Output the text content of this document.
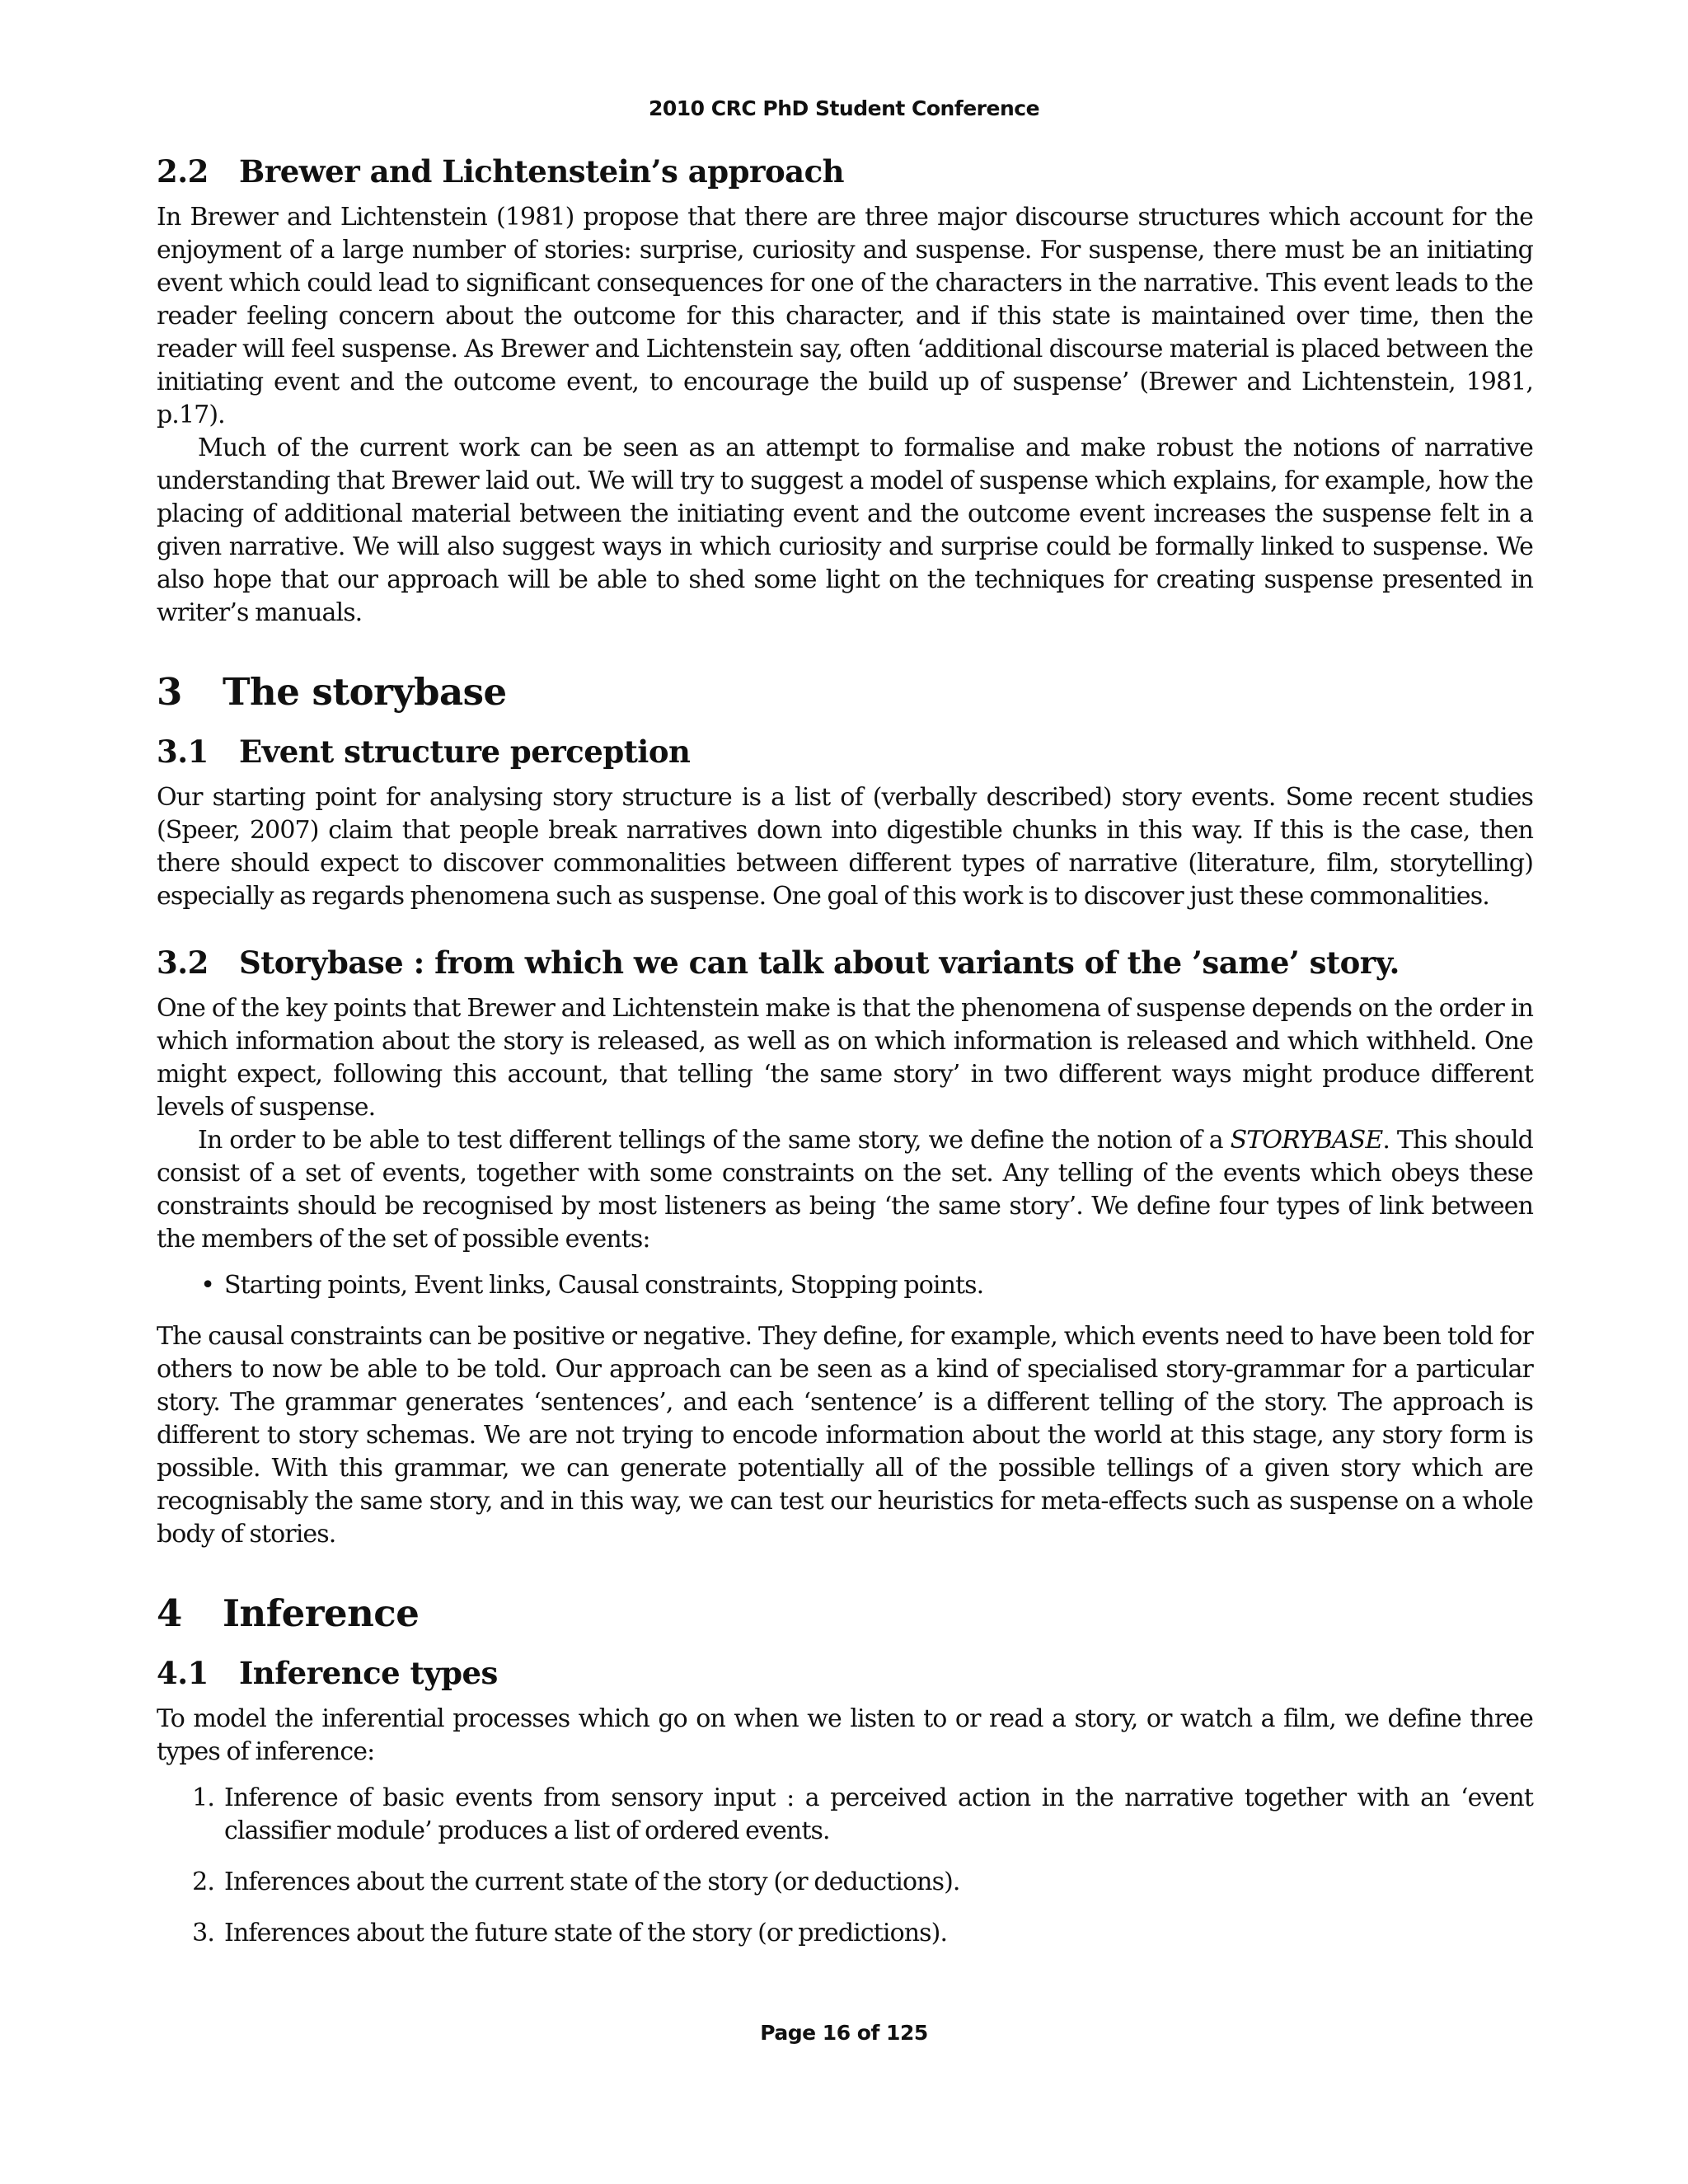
2010 CRC PhD Student Conference
2.2	Brewer and Lichtenstein’s approach

In Brewer and Lichtenstein (1981) propose that there are three major discourse structures which account for the enjoyment of a large number of stories: surprise, curiosity and suspense. For suspense, there must be an initiating event which could lead to significant consequences for one of the characters in the narrative. This event leads to the reader feeling concern about the outcome for this character, and if this state is maintained over time, then the reader will feel suspense. As Brewer and Lichtenstein say, often ‘additional discourse material is placed between the initiating event and the outcome event, to encourage the build up of suspense’ (Brewer and Lichtenstein, 1981, p.17).

Much of the current work can be seen as an attempt to formalise and make robust the notions of narrative understanding that Brewer laid out. We will try to suggest a model of suspense which explains, for example, how the placing of additional material between the initiating event and the outcome event increases the suspense felt in a given narrative. We will also suggest ways in which curiosity and surprise could be formally linked to suspense. We also hope that our approach will be able to shed some light on the techniques for creating suspense presented in writer’s manuals.

3	The storybase
3.1	Event structure perception

Our starting point for analysing story structure is a list of (verbally described) story events. Some recent studies (Speer, 2007) claim that people break narratives down into digestible chunks in this way. If this is the case, then there should expect to discover commonalities between different types of narrative (literature, film, storytelling) especially as regards phenomena such as suspense. One goal of this work is to discover just these commonalities.

3.2	Storybase : from which we can talk about variants of the ’same’ story.

One of the key points that Brewer and Lichtenstein make is that the phenomena of suspense depends on the order in which information about the story is released, as well as on which information is released and which withheld. One might expect, following this account, that telling ‘the same story’ in two different ways might produce different levels of suspense.

In order to be able to test different tellings of the same story, we define the notion of a STORYBASE. This should consist of a set of events, together with some constraints on the set. Any telling of the events which obeys these constraints should be recognised by most listeners as being ‘the same story’. We define four types of link between the members of the set of possible events:

• Starting points, Event links, Causal constraints, Stopping points.

The causal constraints can be positive or negative. They define, for example, which events need to have been told for others to now be able to be told. Our approach can be seen as a kind of specialised story-grammar for a particular story. The grammar generates ‘sentences’, and each ‘sentence’ is a different telling of the story. The approach is different to story schemas. We are not trying to encode information about the world at this stage, any story form is possible. With this grammar, we can generate potentially all of the possible tellings of a given story which are recognisably the same story, and in this way, we can test our heuristics for meta-effects such as suspense on a whole body of stories.

4	Inference
4.1	Inference types

To model the inferential processes which go on when we listen to or read a story, or watch a film, we define three types of inference:

1. Inference of basic events from sensory input : a perceived action in the narrative together with an ‘event classifier module’ produces a list of ordered events.
2. Inferences about the current state of the story (or deductions).
3. Inferences about the future state of the story (or predictions).
Page 16 of 125
